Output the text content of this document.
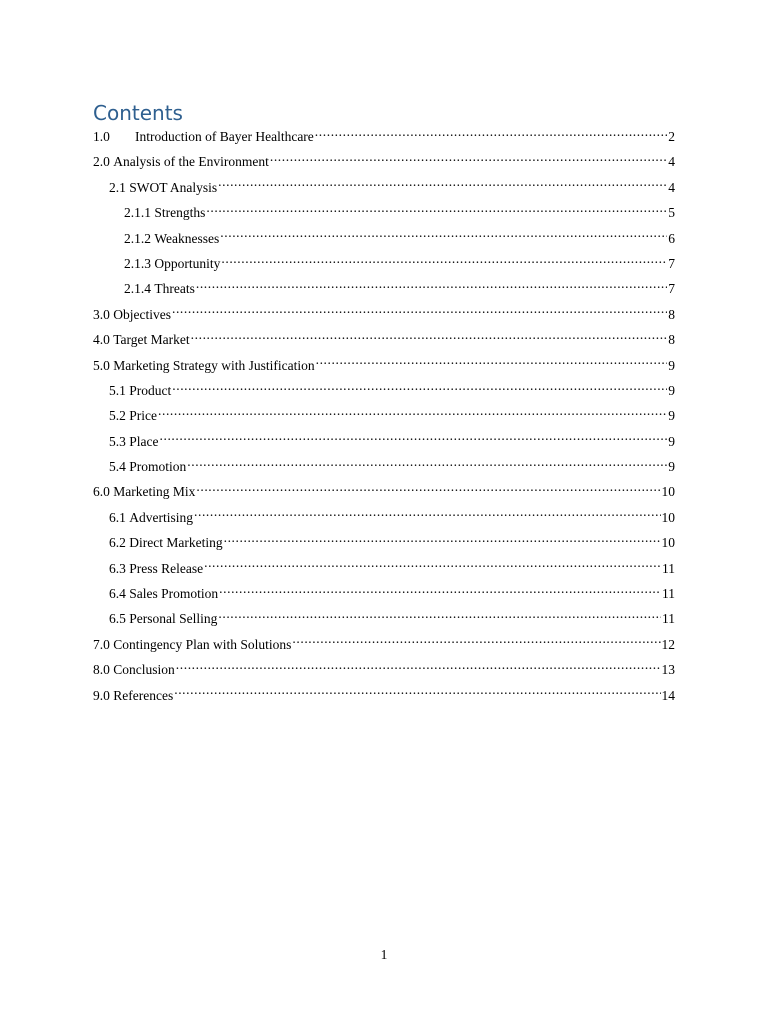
Contents
1.0	Introduction of Bayer Healthcare .....	2
2.0 Analysis of the Environment .....	4
2.1 SWOT Analysis .....	4
2.1.1 Strengths .....	5
2.1.2 Weaknesses .....	6
2.1.3 Opportunity .....	7
2.1.4 Threats .....	7
3.0 Objectives .....	8
4.0 Target Market .....	8
5.0 Marketing Strategy with Justification .....	9
5.1 Product .....	9
5.2 Price .....	9
5.3 Place .....	9
5.4 Promotion .....	9
6.0 Marketing Mix .....	10
6.1 Advertising .....	10
6.2 Direct Marketing .....	10
6.3 Press Release .....	11
6.4 Sales Promotion .....	11
6.5 Personal Selling .....	11
7.0 Contingency Plan with Solutions .....	12
8.0 Conclusion .....	13
9.0 References .....	14
1
